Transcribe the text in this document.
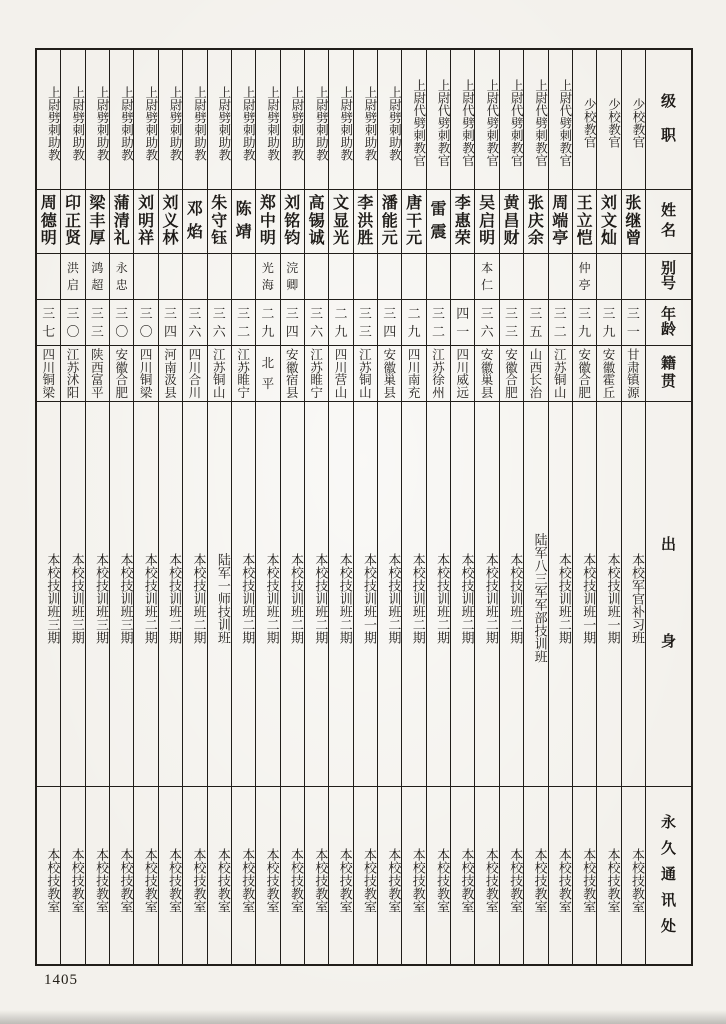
级
职
姓
名
别
号
年
龄
籍
贯
出
身
永
久
通
讯
处
少校教官
张
继
曾
三
一
甘
肃
镇
源
本校军官补习班
本校技教室
少校教官
刘
文
灿
三
九
安
徽
霍
丘
本校技训班一期
本校技教室
少校教官
王
立
恺
仲
亭
三
九
安
徽
合
肥
本校技训班一期
本校技教室
上尉代劈刺教官
周
端
亭
三
二
江
苏
铜
山
本校技训班二期
本校技教室
上尉代劈刺教官
张
庆
余
三
五
山
西
长
治
陆军八三军军部技训班
本校技教室
上尉代劈刺教官
黄
昌
财
三
三
安
徽
合
肥
本校技训班二期
本校技教室
上尉代劈刺教官
吴
启
明
本
仁
三
六
安
徽
巢
县
本校技训班二期
本校技教室
上尉代劈刺教官
李
惠
荣
四
一
四
川
威
远
本校技训班二期
本校技教室
上尉代劈刺教官
雷
震
三
二
江
苏
徐
州
本校技训班二期
本校技教室
上尉代劈刺教官
唐
干
元
二
九
四
川
南
充
本校技训班二期
本校技教室
上尉劈刺助教
潘
能
元
三
四
安
徽
巢
县
本校技训班二期
本校技教室
上尉劈刺助教
李
洪
胜
三
三
江
苏
铜
山
本校技训班一期
本校技教室
上尉劈刺助教
文
显
光
二
九
四
川
营
山
本校技训班二期
本校技教室
上尉劈刺助教
高
锡
诚
三
六
江
苏
睢
宁
本校技训班二期
本校技教室
上尉劈刺助教
刘
铭
钧
浣
卿
三
四
安
徽
宿
县
本校技训班二期
本校技教室
上尉劈刺助教
郑
中
明
光
海
二
九
北
平
本校技训班二期
本校技教室
上尉劈刺助教
陈
靖
三
二
江
苏
睢
宁
本校技训班二期
本校技教室
上尉劈刺助教
朱
守
钰
三
六
江
苏
铜
山
陆军一师技训班
本校技教室
上尉劈刺助教
邓
焰
三
六
四
川
合
川
本校技训班二期
本校技教室
上尉劈刺助教
刘
义
林
三
四
河
南
汲
县
本校技训班二期
本校技教室
上尉劈刺助教
刘
明
祥
三
〇
四
川
铜
梁
本校技训班二期
本校技教室
上尉劈刺助教
蒲
清
礼
永
忠
三
〇
安
徽
合
肥
本校技训班三期
本校技教室
上尉劈刺助教
梁
丰
厚
鸿
超
三
三
陕
西
富
平
本校技训班三期
本校技教室
上尉劈刺助教
印
正
贤
洪
启
三
〇
江
苏
沭
阳
本校技训班三期
本校技教室
上尉劈刺助教
周
德
明
三
七
四
川
铜
梁
本校技训班三期
本校技教室
1405
